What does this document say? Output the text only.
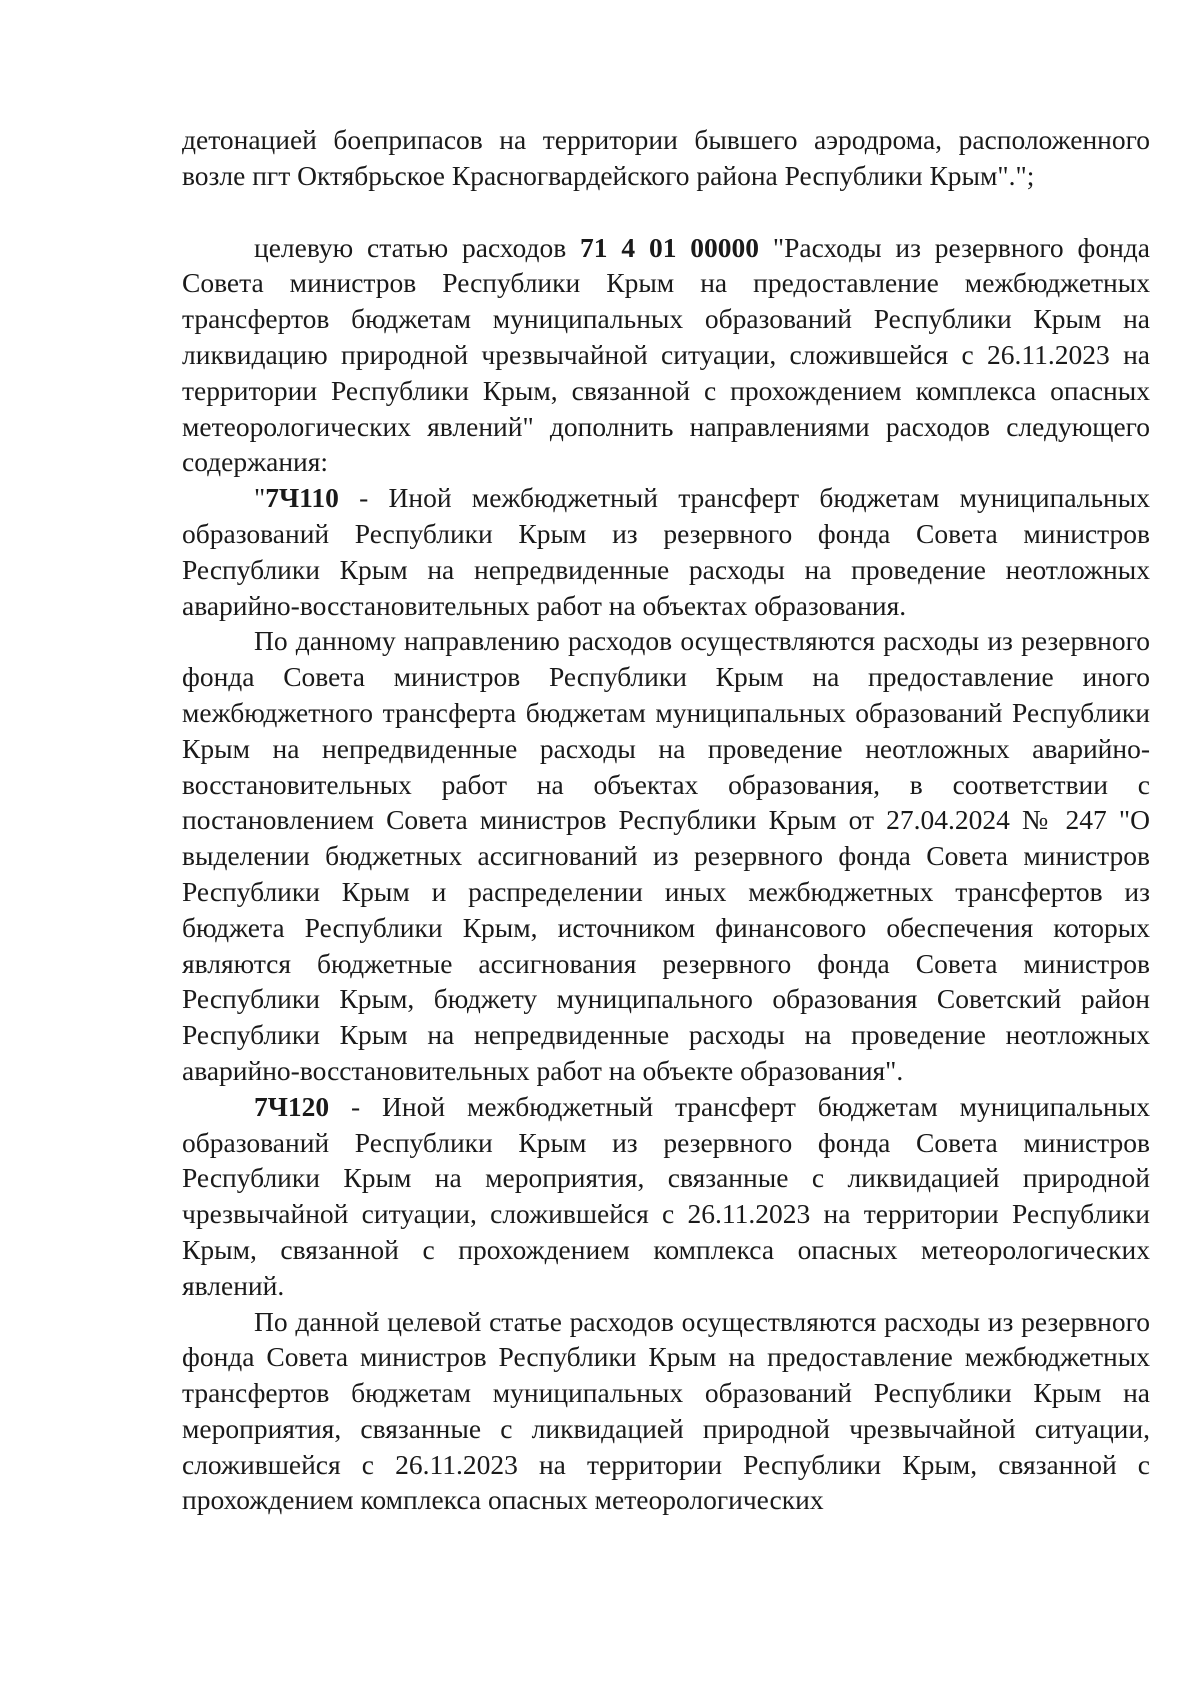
детонацией боеприпасов на территории бывшего аэродрома, расположенного возле пгт Октябрьское Красногвардейского района Республики Крым".";

целевую статью расходов 71 4 01 00000 "Расходы из резервного фонда Совета министров Республики Крым на предоставление межбюджетных трансфертов бюджетам муниципальных образований Республики Крым на ликвидацию природной чрезвычайной ситуации, сложившейся с 26.11.2023 на территории Республики Крым, связанной с прохождением комплекса опасных метеорологических явлений" дополнить направлениями расходов следующего содержания:

"7Ч110 - Иной межбюджетный трансферт бюджетам муниципальных образований Республики Крым из резервного фонда Совета министров Республики Крым на непредвиденные расходы на проведение неотложных аварийно-восстановительных работ на объектах образования.

По данному направлению расходов осуществляются расходы из резервного фонда Совета министров Республики Крым на предоставление иного межбюджетного трансферта бюджетам муниципальных образований Республики Крым на непредвиденные расходы на проведение неотложных аварийно-восстановительных работ на объектах образования, в соответствии с постановлением Совета министров Республики Крым от 27.04.2024 № 247 "О выделении бюджетных ассигнований из резервного фонда Совета министров Республики Крым и распределении иных межбюджетных трансфертов из бюджета Республики Крым, источником финансового обеспечения которых являются бюджетные ассигнования резервного фонда Совета министров Республики Крым, бюджету муниципального образования Советский район Республики Крым на непредвиденные расходы на проведение неотложных аварийно-восстановительных работ на объекте образования".

7Ч120 - Иной межбюджетный трансферт бюджетам муниципальных образований Республики Крым из резервного фонда Совета министров Республики Крым на мероприятия, связанные с ликвидацией природной чрезвычайной ситуации, сложившейся с 26.11.2023 на территории Республики Крым, связанной с прохождением комплекса опасных метеорологических явлений.

По данной целевой статье расходов осуществляются расходы из резервного фонда Совета министров Республики Крым на предоставление межбюджетных трансфертов бюджетам муниципальных образований Республики Крым на мероприятия, связанные с ликвидацией природной чрезвычайной ситуации, сложившейся с 26.11.2023 на территории Республики Крым, связанной с прохождением комплекса опасных метеорологических
